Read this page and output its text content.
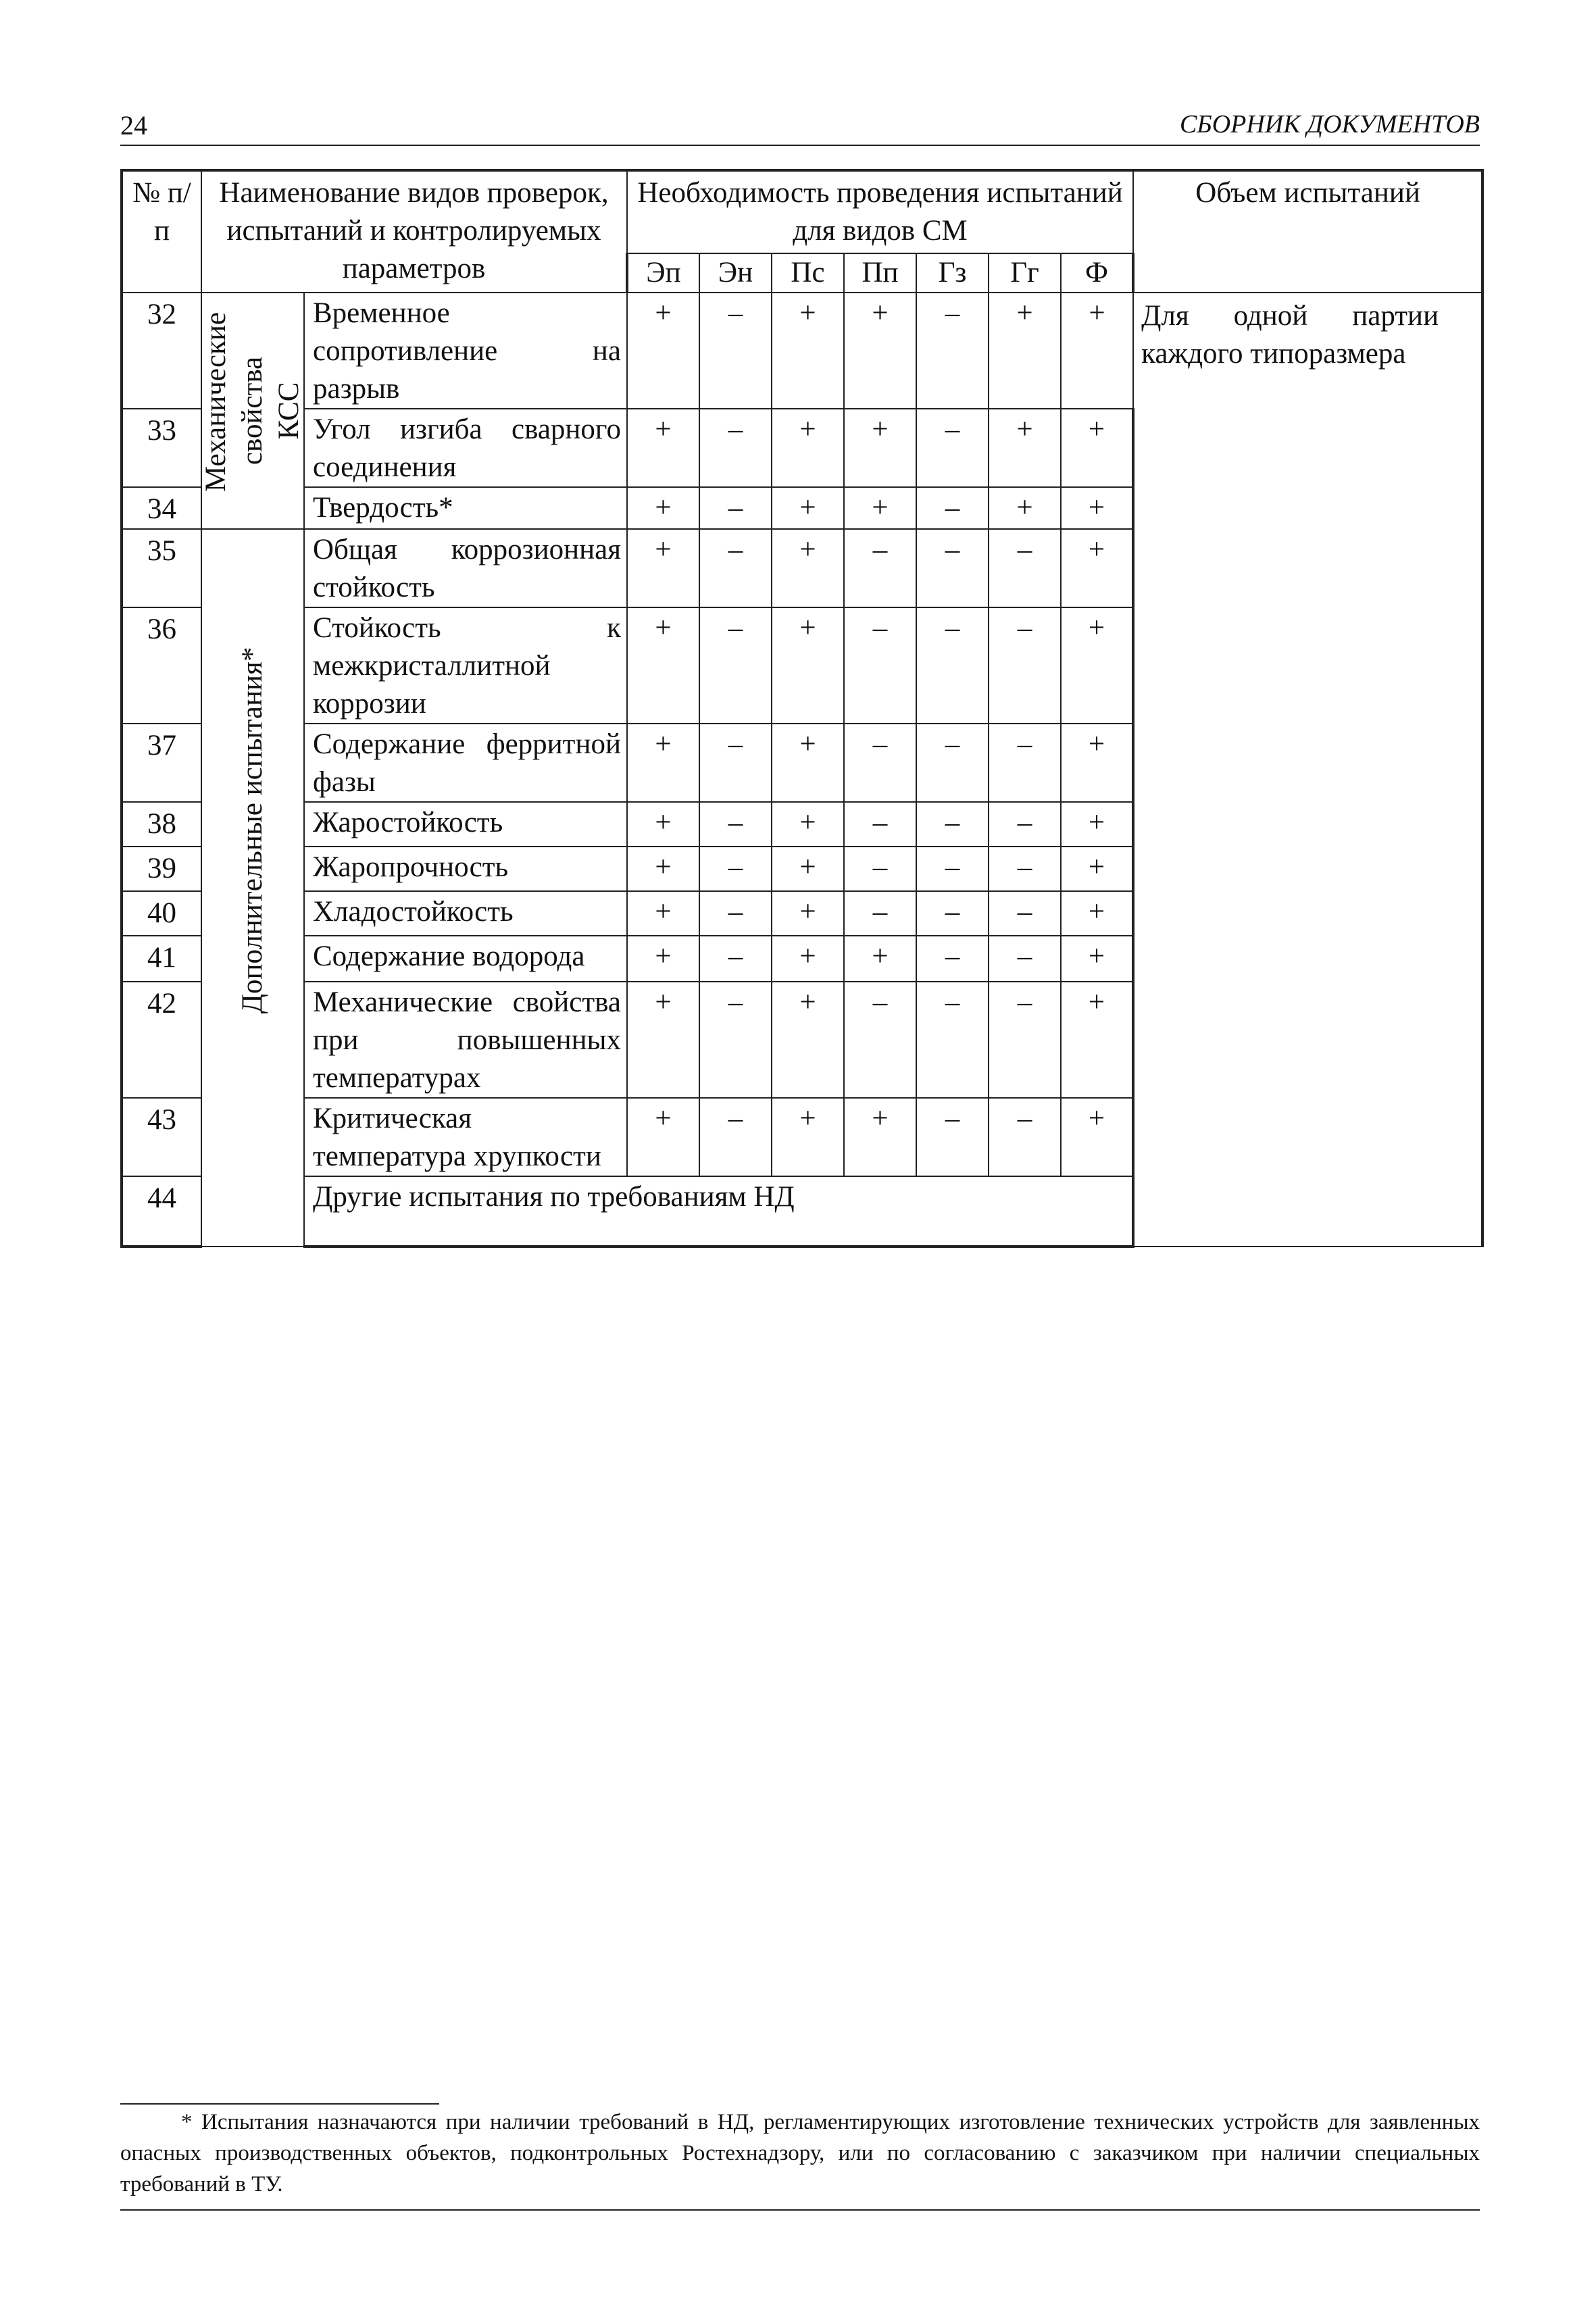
24	СБОРНИК ДОКУМЕНТОВ
№ п/п	Наименование видов проверок, испытаний и контролируемых параметров		Необходимость проведения испытаний для видов СМ							Объем испытаний
			Эп	Эн	Пс	Пп	Гз	Гг	Ф	
32	Механические свойства КСС	Временное сопротивление на разрыв	+	–	+	+	–	+	+	Для одной партии каждого типоразмера

33		Угол изгиба сварного соединения	+	–	+	+	–	+	+	
34		Твердость*	+	–	+	+	–	+	+	
35	Дополнительные испытания*	Общая коррозионная стойкость	+	–	+	–	–	–	+	
36		Стойкость к межкристаллитной коррозии	+	–	+	–	–	–	+	
37		Содержание ферритной фазы	+	–	+	–	–	–	+	
38		Жаростойкость	+	–	+	–	–	–	+	
39		Жаропрочность	+	–	+	–	–	–	+	
40		Хладостойкость	+	–	+	–	–	–	+	
41		Содержание водорода	+	–	+	+	–	–	+	
42		Механические свойства при повышенных температурах	+	–	+	–	–	–	+	
43		Критическая температура хрупкости	+	–	+	+	–	–	+	
44		Другие испытания по требованиям НД								
* Испытания назначаются при наличии требований в НД, регламентирующих изготовление технических устройств для заявленных опасных производственных объектов, подконтрольных Ростехнадзору, или по согласованию с заказчиком при наличии специальных требований в ТУ.
